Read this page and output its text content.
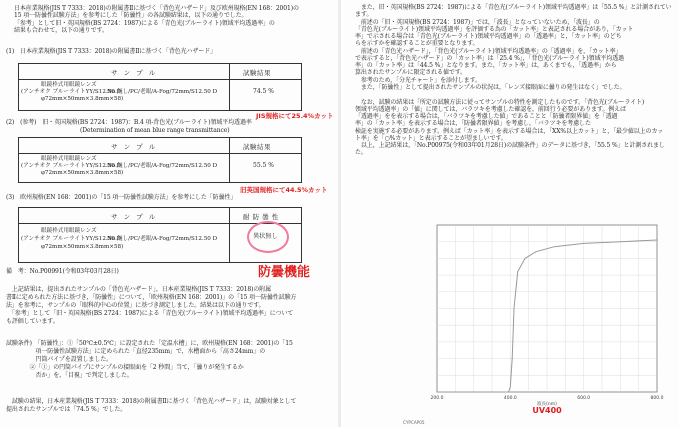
日本産業規格(JIS T 7333：2018)の附属書Ⅱに基づく「背色光ハザード」及び欧州規格(EN 168：2001)の
15 項一防曇性試験方法」を参考にした「防曇性」の各試験結果は，以下の通りでした。
「参考」として旧・英国規格(BS 2724：1987)による「青色光(ブルーライト)領域平均透過率」の
結果も合わせて，以下の通りです。
(1)　日本産業規格(JIS T 7333：2018)の附属書Ⅱに基づく「背色光ハザード」
サ ン プ ル	試験結果
眼鏡枠式用眼鏡レンズ
(アンチオク ブルーライトYY/S12.50 D,
φ72mm×50mm×3.8mm×58)
No.無し/PC/老眼/A-Fog/72mm/S12.50 D	74.5 %
JIS規格にて25.4%カット
(2)　(参考)　旧・英国規格(BS 2724：1987)：B.4 項-背色光(ブルーライト)領域平均透過率
(Determination of mean blue range transmittance)
サ ン プ ル	試験結果
眼鏡枠式用眼鏡レンズ
(アンチオク ブルーライトYY/S12.50 D,
φ72mm×50mm×3.8mm×58)
No.無し/PC/老眼/A-Fog/72mm/S12.50 D	55.5 %
旧英国規格にて44.5%カット
(3)　欧州規格(EN 168：2001)の「15 項一防曇性試験方法」を参考にした「防曇性」
サ ン プ ル	耐 防 曇 性
眼鏡枠式用眼鏡レンズ
(アンチオク ブルーライトYY/S12.50 D,
φ72mm×50mm×3.8mm×58)
No.無し/PC/老眼/A-Fog/72mm/S12.50 D	異状無し
備　考：No.P00991(令和03年03月28日)	防曇機能
　上記結果は，提出されたサンプルの「背色光ハザード」，日本産業規格(JIS T 7333：2018)の附属
書Ⅱに定められた方法に基づき，「防曇性」について，「欧州規格(EN 168：2001)」の「15 項一防曇性試験方
法」を参考に，サンプルの「眼科的中心の位置」に基づき測定しました。結果は以下の通りです。
　「参考」として「旧・英国規格(BS 2724：1987)による「青色光(ブルーライト)領域平均透過率」について
も評価しています。
試験条件)　「防曇性」：①「50℃±0.5℃」に設定された「定温水槽」に，欧州規格(EN 168：2001)の「15
　　　　　項一防曇性試験方法」に定められた「直径235mm」で，水槽面から「高さ24mm」の
　　　　　円筒パイプを設置しました。
　　　　②「①」の円筒パイプにサンプルの接眼面を「2 秒間」当て，「曇りが発生するか
　　　　　否か」を，「目視」で判定しました。
　試験の結果，日本産業規格(JIS T 7333：2018)の附属書Ⅱに基づく「背色光ハザード」は，試験対象として
提出されたサンプルでは「74.5 %」でした。
　また，旧・英国規格(BS 2724：1987)による「青色光(ブルーライト)領域平均透過率」は「55.5 %」と計測されてい
ます。
　前述の「旧・英国規格(BS 2724：1987)」では，「波長」となっていないため，「波長」の
「青色光(ブルーライト)領域平均透過率」を評価する為の「カット率」と表記される場合があり，「カット
率」で示される場合は「青色光(ブルーライト)領域平均透過率」の「透過率」と，「カット率」のどち
らを示すかを確認することが重要となります。
　前述の「青色光ハザード」，「背色光(ブルーライト)領域平均透過率」の「透過率」を，「カット率」
で表示すると，「背色光ハザード」の「カット率」は「25.4 %」，「背色光(ブルーライト)領域平均透過
率」の「カット率」は「44.5 %」となります。また，「カット率」は，あくまでも，「透過率」から
算出されたサンプルに限定される値です。
　参考のため，「分光チャート」を添付します。
　また，「防曇性」として提出されたサンプルの状況は，「レンズ接眼面に曇りの発生はなく」でした。
　なお，試験の結果は「所定の試験方法に従ってサンプルの特性を測定したものです。「背色光(ブルーライト)
領域平均透過率」の「値」に関しては，バラツキを考慮した確認を，前回行う必要があります。例えば
「透過率」をを表示する場合は，「バラツキを考慮した値」であることと「防曇者限界値」を「透過
率」の「カット率」を表示する場合は，「防曇者限界値」を考慮し，「バラツキを考慮した
検証を実施する必要があります。例えば「カット率」を表示する場合は，「XX%以上カット」と，「最少値以上のカッ
ト率」を「○%カット」と表示することが望ましいです。
　以上，上記結果は，「No.P00975(令和03年01月28日)の試験条件」のデータに基づき，「55.5 %」と計測されまし
た。
200.0	400.0	600.0	800.0
波長(nm)
UV400
CYPCAP05
